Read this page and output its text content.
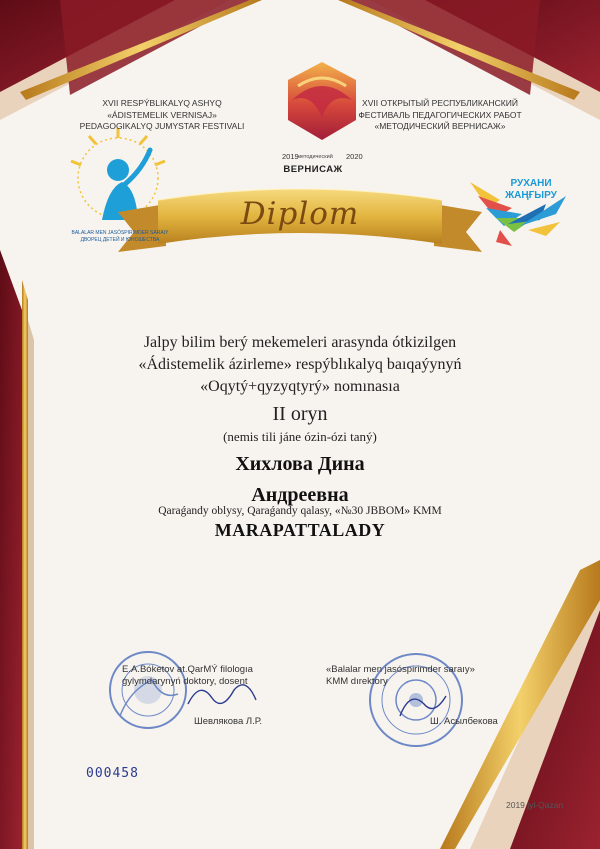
XVII RESPÝBLIKALYQ ASHYQ
«ÁDISTEMELIK VERNISAJ»
PEDAGOGIKALYQ JUMYSTAR FESTIVALІ
XVII ОТКРЫТЫЙ РЕСПУБЛИКАНСКИЙ
ФЕСТИВАЛЬ ПЕДАГОГИЧЕСКИХ РАБОТ
«МЕТОДИЧЕСКИЙ ВЕРНИСАЖ»
2019	2020
методический
ВЕРНИСАЖ
РУХАНИ
ЖАҢҒЫРУ
BALALAR MEN JASÓSPIRIMDER SARAIY
ДВОРЕЦ ДЕТЕЙ И ЮНОШЕСТВА
Diplom
Jalpy bilim berý mekemeleri arasynda ótkizilgen
«Ádistemelik ázirleme» respýblıkalyq baıqaýynyń
«Oqytý+qyzyqtyrý» nomınasıa
II oryn
(nemis tili jáne ózin-ózi taný)
Хихлова Дина
Андреевна
Qaraǵandy oblysy, Qaraǵandy qalasy, «№30 JBBOM» KMM
MARAPATTALADY
E.A.Bóketov at.QarMÝ filologıa
ǵylymdarynyń doktory, dosent
Шевлякова Л.Р.
«Balalar men jasóspirimder saraıy»
KMM dırektory
Ш. Асылбекова
000458
2019 jyl-Qazan
